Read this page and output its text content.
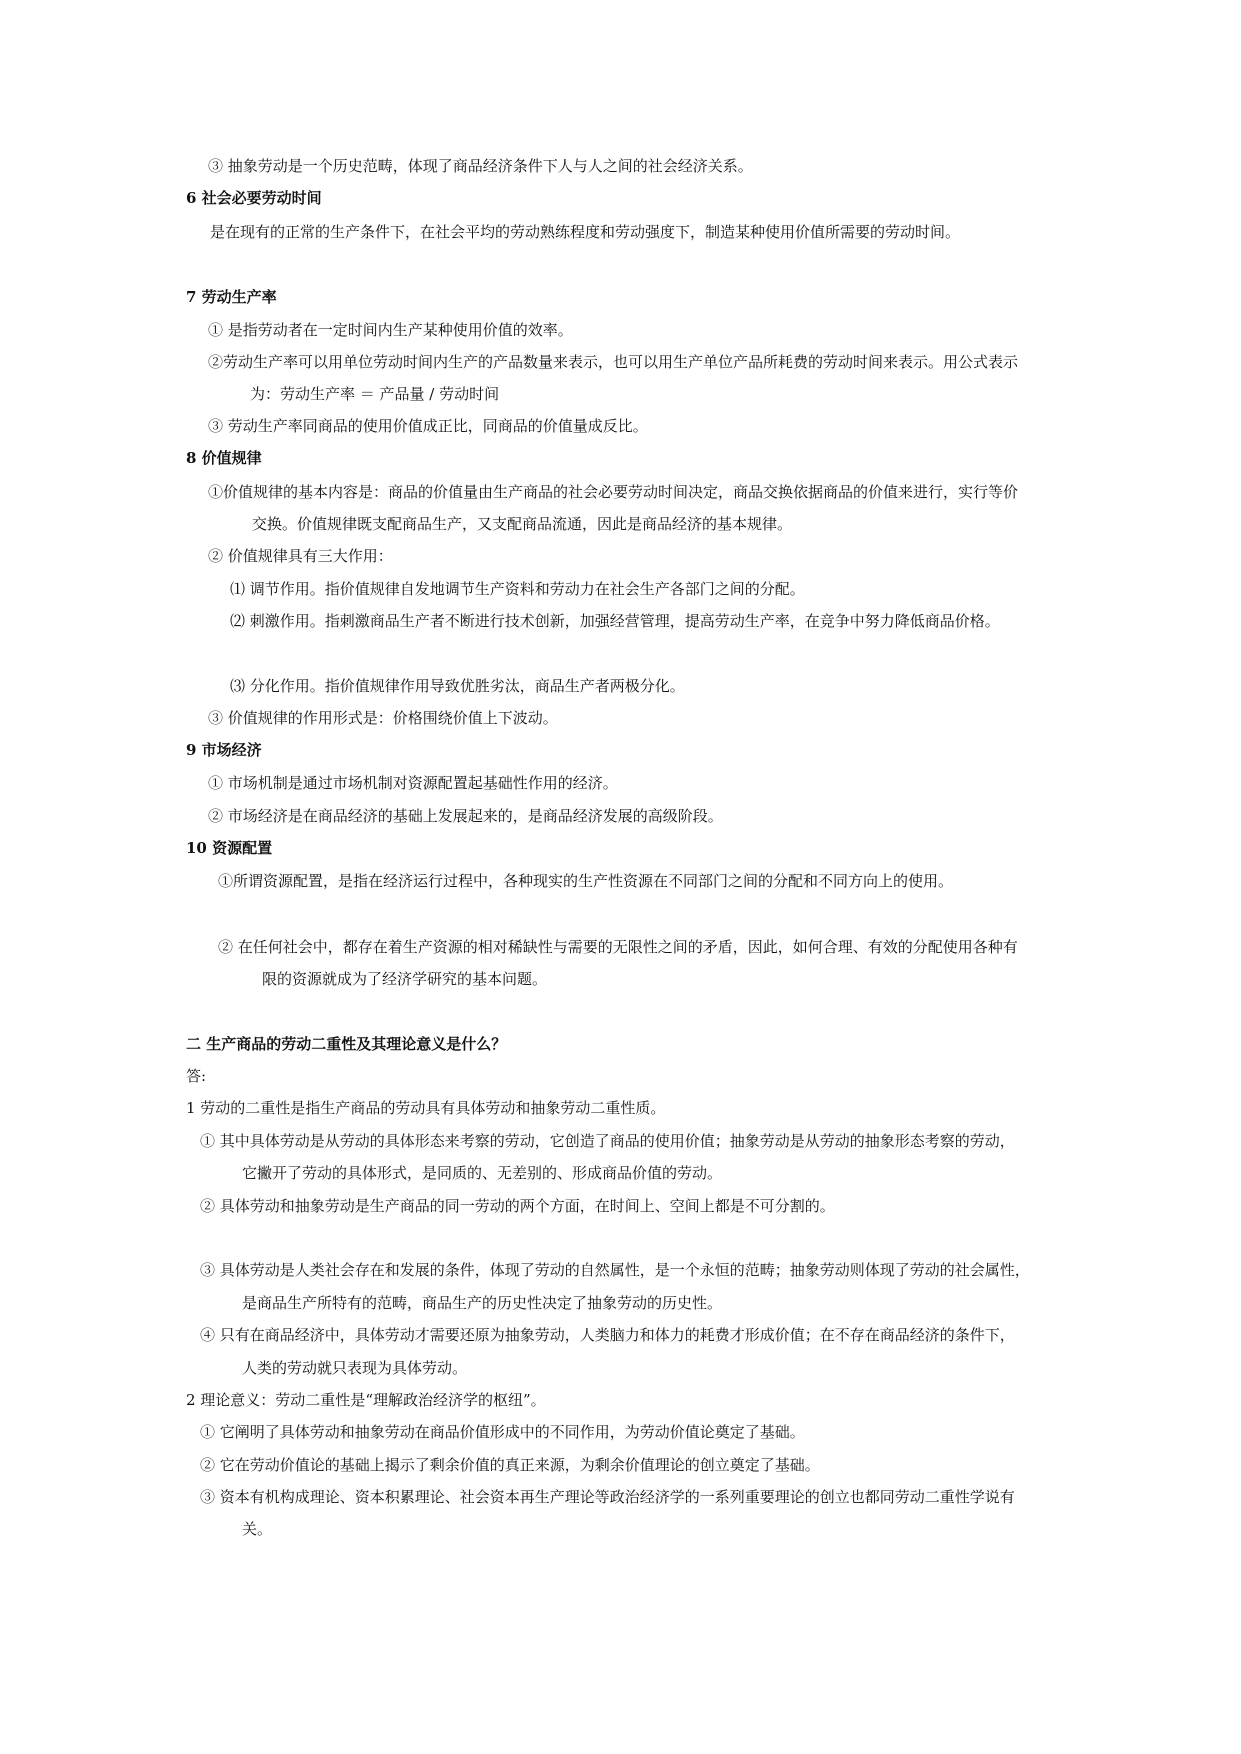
③ 抽象劳动是一个历史范畴，体现了商品经济条件下人与人之间的社会经济关系。
6 社会必要劳动时间
是在现有的正常的生产条件下，在社会平均的劳动熟练程度和劳动强度下，制造某种使用价值所需要的劳动时间。
7 劳动生产率
① 是指劳动者在一定时间内生产某种使用价值的效率。
②劳动生产率可以用单位劳动时间内生产的产品数量来表示，也可以用生产单位产品所耗费的劳动时间来表示。用公式表示
为：劳动生产率 ＝ 产品量 / 劳动时间
③ 劳动生产率同商品的使用价值成正比，同商品的价值量成反比。
8 价值规律
①价值规律的基本内容是：商品的价值量由生产商品的社会必要劳动时间决定，商品交换依据商品的价值来进行，实行等价
交换。价值规律既支配商品生产，又支配商品流通，因此是商品经济的基本规律。
② 价值规律具有三大作用：
⑴ 调节作用。指价值规律自发地调节生产资料和劳动力在社会生产各部门之间的分配。
⑵ 刺激作用。指刺激商品生产者不断进行技术创新，加强经营管理，提高劳动生产率，在竞争中努力降低商品价格。
⑶ 分化作用。指价值规律作用导致优胜劣汰，商品生产者两极分化。
③ 价值规律的作用形式是：价格围绕价值上下波动。
9 市场经济
① 市场机制是通过市场机制对资源配置起基础性作用的经济。
② 市场经济是在商品经济的基础上发展起来的，是商品经济发展的高级阶段。
10 资源配置
①所谓资源配置，是指在经济运行过程中，各种现实的生产性资源在不同部门之间的分配和不同方向上的使用。
② 在任何社会中，都存在着生产资源的相对稀缺性与需要的无限性之间的矛盾，因此，如何合理、有效的分配使用各种有
限的资源就成为了经济学研究的基本问题。
二 生产商品的劳动二重性及其理论意义是什么？
答:
1 劳动的二重性是指生产商品的劳动具有具体劳动和抽象劳动二重性质。
① 其中具体劳动是从劳动的具体形态来考察的劳动，它创造了商品的使用价值；抽象劳动是从劳动的抽象形态考察的劳动，
它撇开了劳动的具体形式，是同质的、无差别的、形成商品价值的劳动。
② 具体劳动和抽象劳动是生产商品的同一劳动的两个方面，在时间上、空间上都是不可分割的。
③ 具体劳动是人类社会存在和发展的条件，体现了劳动的自然属性，是一个永恒的范畴；抽象劳动则体现了劳动的社会属性，
是商品生产所特有的范畴，商品生产的历史性决定了抽象劳动的历史性。
④ 只有在商品经济中，具体劳动才需要还原为抽象劳动，人类脑力和体力的耗费才形成价值；在不存在商品经济的条件下，
人类的劳动就只表现为具体劳动。
2 理论意义：劳动二重性是“理解政治经济学的枢纽”。
① 它阐明了具体劳动和抽象劳动在商品价值形成中的不同作用，为劳动价值论奠定了基础。
② 它在劳动价值论的基础上揭示了剩余价值的真正来源，为剩余价值理论的创立奠定了基础。
③ 资本有机构成理论、资本积累理论、社会资本再生产理论等政治经济学的一系列重要理论的创立也都同劳动二重性学说有
关。
